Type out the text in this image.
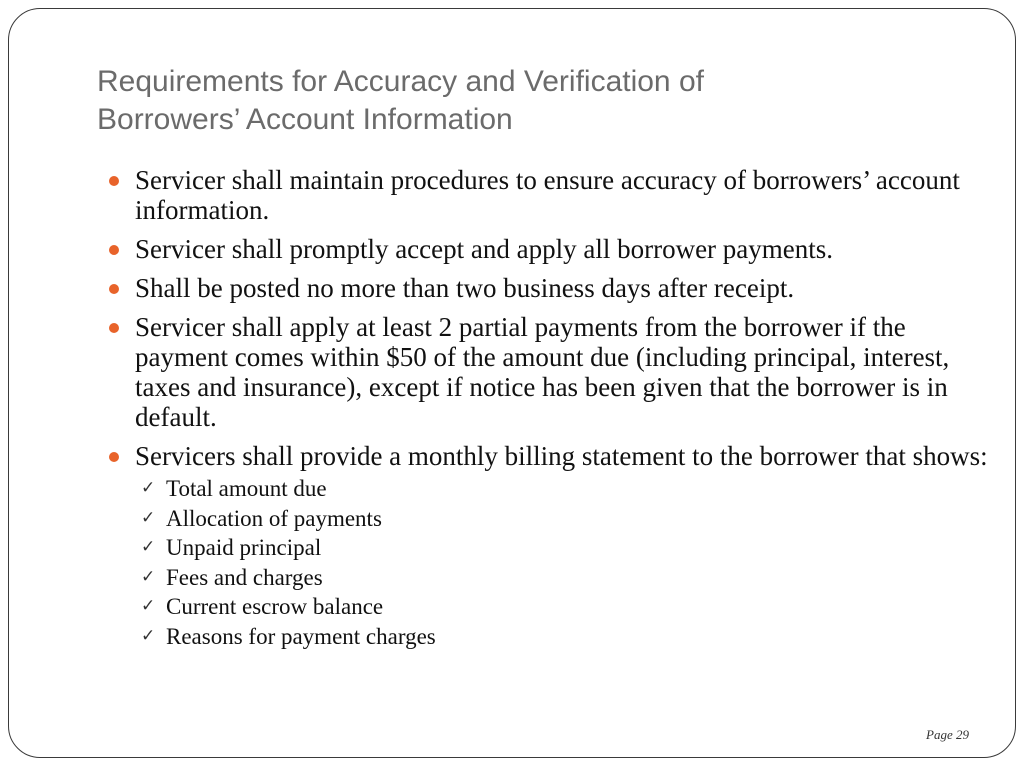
Requirements for Accuracy and Verification of
Borrowers’ Account Information
Servicer shall maintain procedures to ensure accuracy of borrowers’ account information.
Servicer shall promptly accept and apply all borrower payments.
Shall be posted no more than two business days after receipt.
Servicer shall apply at least 2 partial payments from the borrower if the payment comes within $50 of the amount due (including principal, interest, taxes and insurance), except if notice has been given that the borrower is in default.
Servicers shall provide a monthly billing statement to the borrower that shows:
✓ Total amount due
✓ Allocation of payments
✓ Unpaid principal
✓ Fees and charges
✓ Current escrow balance
✓ Reasons for payment charges
Page 29
